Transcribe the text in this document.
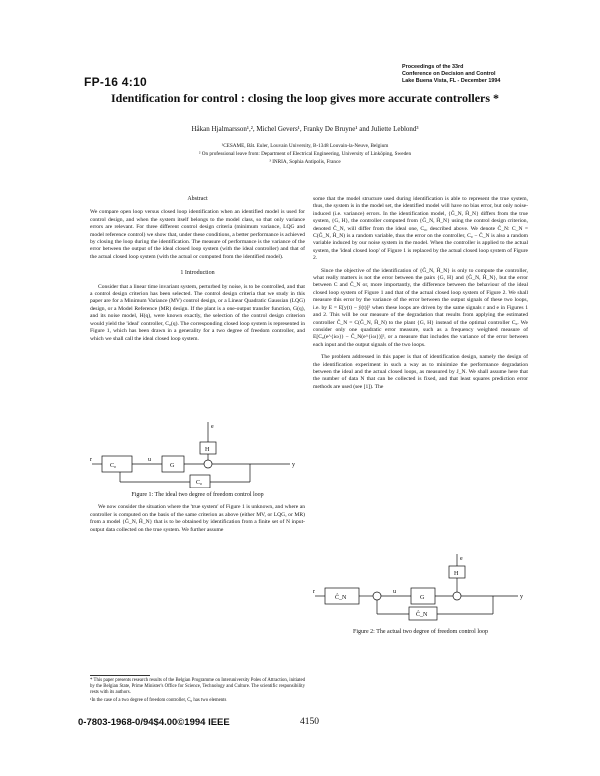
FP-16 4:10
Proceedings of the 33rd
Conference on Decision and Control
Lake Buena Vista, FL - December 1994
Identification for control : closing the loop gives more accurate controllers *
Håkan Hjalmarsson¹,², Michel Gevers¹, Franky De Bruyne¹ and Juliette Leblond³
¹CESAME, Bât. Euler, Louvain University, B-1348 Louvain-la-Neuve, Belgium
² On professional leave from: Department of Electrical Engineering, University of Linköping, Sweden
³ INRIA, Sophia Antipolis, France
Abstract
We compare open loop versus closed loop identification when an identified model is used for control design, and when the system itself belongs to the model class, so that only variance errors are relevant. For three different control design criteria (minimum variance, LQG and model reference control) we show that, under these conditions, a better performance is achieved by closing the loop during the identification. The measure of performance is the variance of the error between the output of the ideal closed loop system (with the ideal controller) and that of the actual closed loop system (with the actual or computed from the identified model).
1 Introduction
Consider that a linear time invariant system, perturbed by noise, is to be controlled, and that a control design criterion has been selected. The control design criteria that we study in this paper are for a Minimum Variance (MV) control design, or a Linear Quadratic Gaussian (LQG) design, or a Model Reference (MR) design. If the plant is a one-output transfer function, G(q), and its noise model, H(q), were known exactly, the selection of the control design criterion would yield the 'ideal' controller, C₀(q). The corresponding closed loop system is represented in Figure 1, which has been drawn in a generality for a two degree of freedom controller, and which we shall call the ideal closed loop system.
r
C₀	G
H
C₀
e
u
y
Figure 1: The ideal two degree of freedom control loop
We now consider the situation where the 'true system' of Figure 1 is unknown, and where an controller is computed on the basis of the same criterion as above (either MV, or LQG, or MR) from a model {Ĝ_N, Ĥ_N} that is to be obtained by identification from a finite set of N input-output data collected on the true system. We further assume
* This paper presents research results of the Belgian Programme on Interuniversity Poles of Attraction, initiated by the Belgian State, Prime Minister's Office for Science, Technology and Culture. The scientific responsibility rests with its authors.
¹In the case of a two degree of freedom controller, C₀ has two elements
some that the model structure used during identification is able to represent the true system, thus, the system is in the model set, the identified model will have no bias error, but only noise-induced (i.e. variance) errors. In the identification model, {Ĝ_N, Ĥ_N} differs from the true system, {G, H}, the controller computed from {Ĝ_N, Ĥ_N} using the control design criterion, denoted Ĉ_N, will differ from the ideal one, C₀, described above. We denote Ĉ_N: C_N = C(Ĝ_N, Ĥ_N) is a random variable, thus the error on the controller, C₀ − Ĉ_N is also a random variable induced by our noise system in the model. When the controller is applied to the actual system, the 'ideal closed loop' of Figure 1 is replaced by the actual closed loop system of Figure 2.
Since the objective of the identification of {Ĝ_N, Ĥ_N} is only to compute the controller, what really matters is not the error between the pairs {G, H} and {Ĝ_N, Ĥ_N}, but the error between C and Ĉ_N or, more importantly, the difference between the behaviour of the ideal closed loop system of Figure 1 and that of the actual closed loop system of Figure 2. We shall measure this error by the variance of the error between the output signals of these two loops, i.e. by E = E[y(t) − ŷ(t)]² when these loops are driven by the same signals r and e in Figures 1 and 2. This will be our measure of the degradation that results from applying the estimated controller Ĉ_N = C(Ĝ_N, Ĥ_N) to the plant {G, H} instead of the optimal controller C₀. We consider only one quadratic error measure, such as a frequency weighted measure of E[C₀(e^{iω}) − Ĉ_N(e^{iω})]², or a measure that includes the variance of the error between each input and the output signals of the two loops.
The problem addressed in this paper is that of identification design, namely the design of the identification experiment in such a way as to minimize the performance degradation between the ideal and the actual closed loops, as measured by J_N. We shall assume here that the number of data N that can be collected is fixed, and that least squares prediction error methods are used (see [1]). The
r
Ĉ_N	G
H
Ĉ_N
e
u
y
Figure 2: The actual two degree of freedom control loop
0-7803-1968-0/94$4.00©1994 IEEE	4150
